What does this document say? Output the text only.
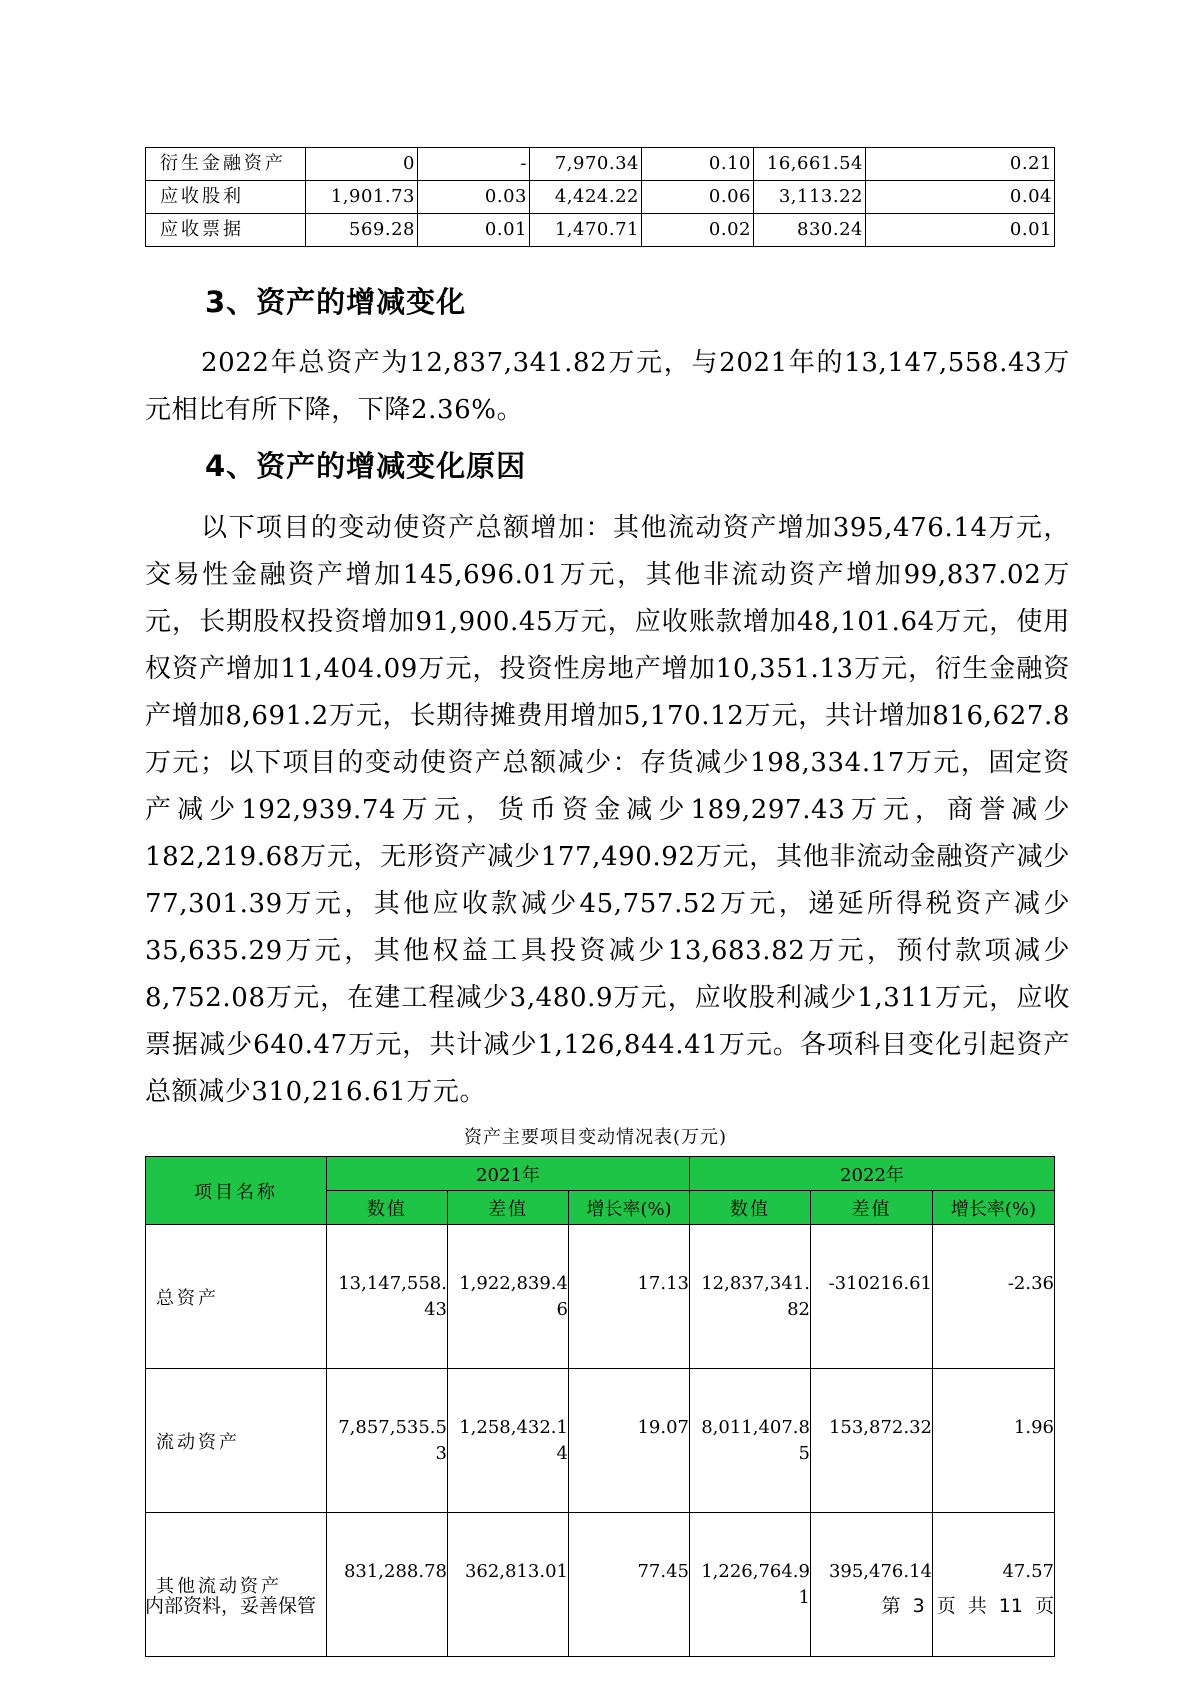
衍生金融资产	0	-	7,970.34	0.10	16,661.54	0.21
应收股利	1,901.73	0.03	4,424.22	0.06	3,113.22	0.04
应收票据	569.28	0.01	1,470.71	0.02	830.24	0.01
3、资产的增减变化

2022年总资产为12,837,341.82万元，与2021年的13,147,558.43万元相比有所下降，下降2.36%。

4、资产的增减变化原因

以下项目的变动使资产总额增加：其他流动资产增加395,476.14万元，交易性金融资产增加145,696.01万元，其他非流动资产增加99,837.02万元，长期股权投资增加91,900.45万元，应收账款增加48,101.64万元，使用权资产增加11,404.09万元，投资性房地产增加10,351.13万元，衍生金融资产增加8,691.2万元，长期待摊费用增加5,170.12万元，共计增加816,627.8万元；以下项目的变动使资产总额减少：存货减少198,334.17万元，固定资产减少192,939.74万元，货币资金减少189,297.43万元，商誉减少182,219.68万元，无形资产减少177,490.92万元，其他非流动金融资产减少77,301.39万元，其他应收款减少45,757.52万元，递延所得税资产减少35,635.29万元，其他权益工具投资减少13,683.82万元，预付款项减少8,752.08万元，在建工程减少3,480.9万元，应收股利减少1,311万元，应收票据减少640.47万元，共计减少1,126,844.41万元。各项科目变化引起资产总额减少310,216.61万元。

资产主要项目变动情况表(万元)
项目名称	2021年			2022年		
	数值	差值	增长率(%)	数值	差值	增长率(%)
总资产	13,147,558.43	1,922,839.46	17.13	12,837,341.82	-310216.61	-2.36
流动资产	7,857,535.53	1,258,432.14	19.07	8,011,407.85	153,872.32	1.96
其他流动资产	831,288.78	362,813.01	77.45	1,226,764.91	395,476.14	47.57
内部资料，妥善保管	第 3 页 共 11 页
